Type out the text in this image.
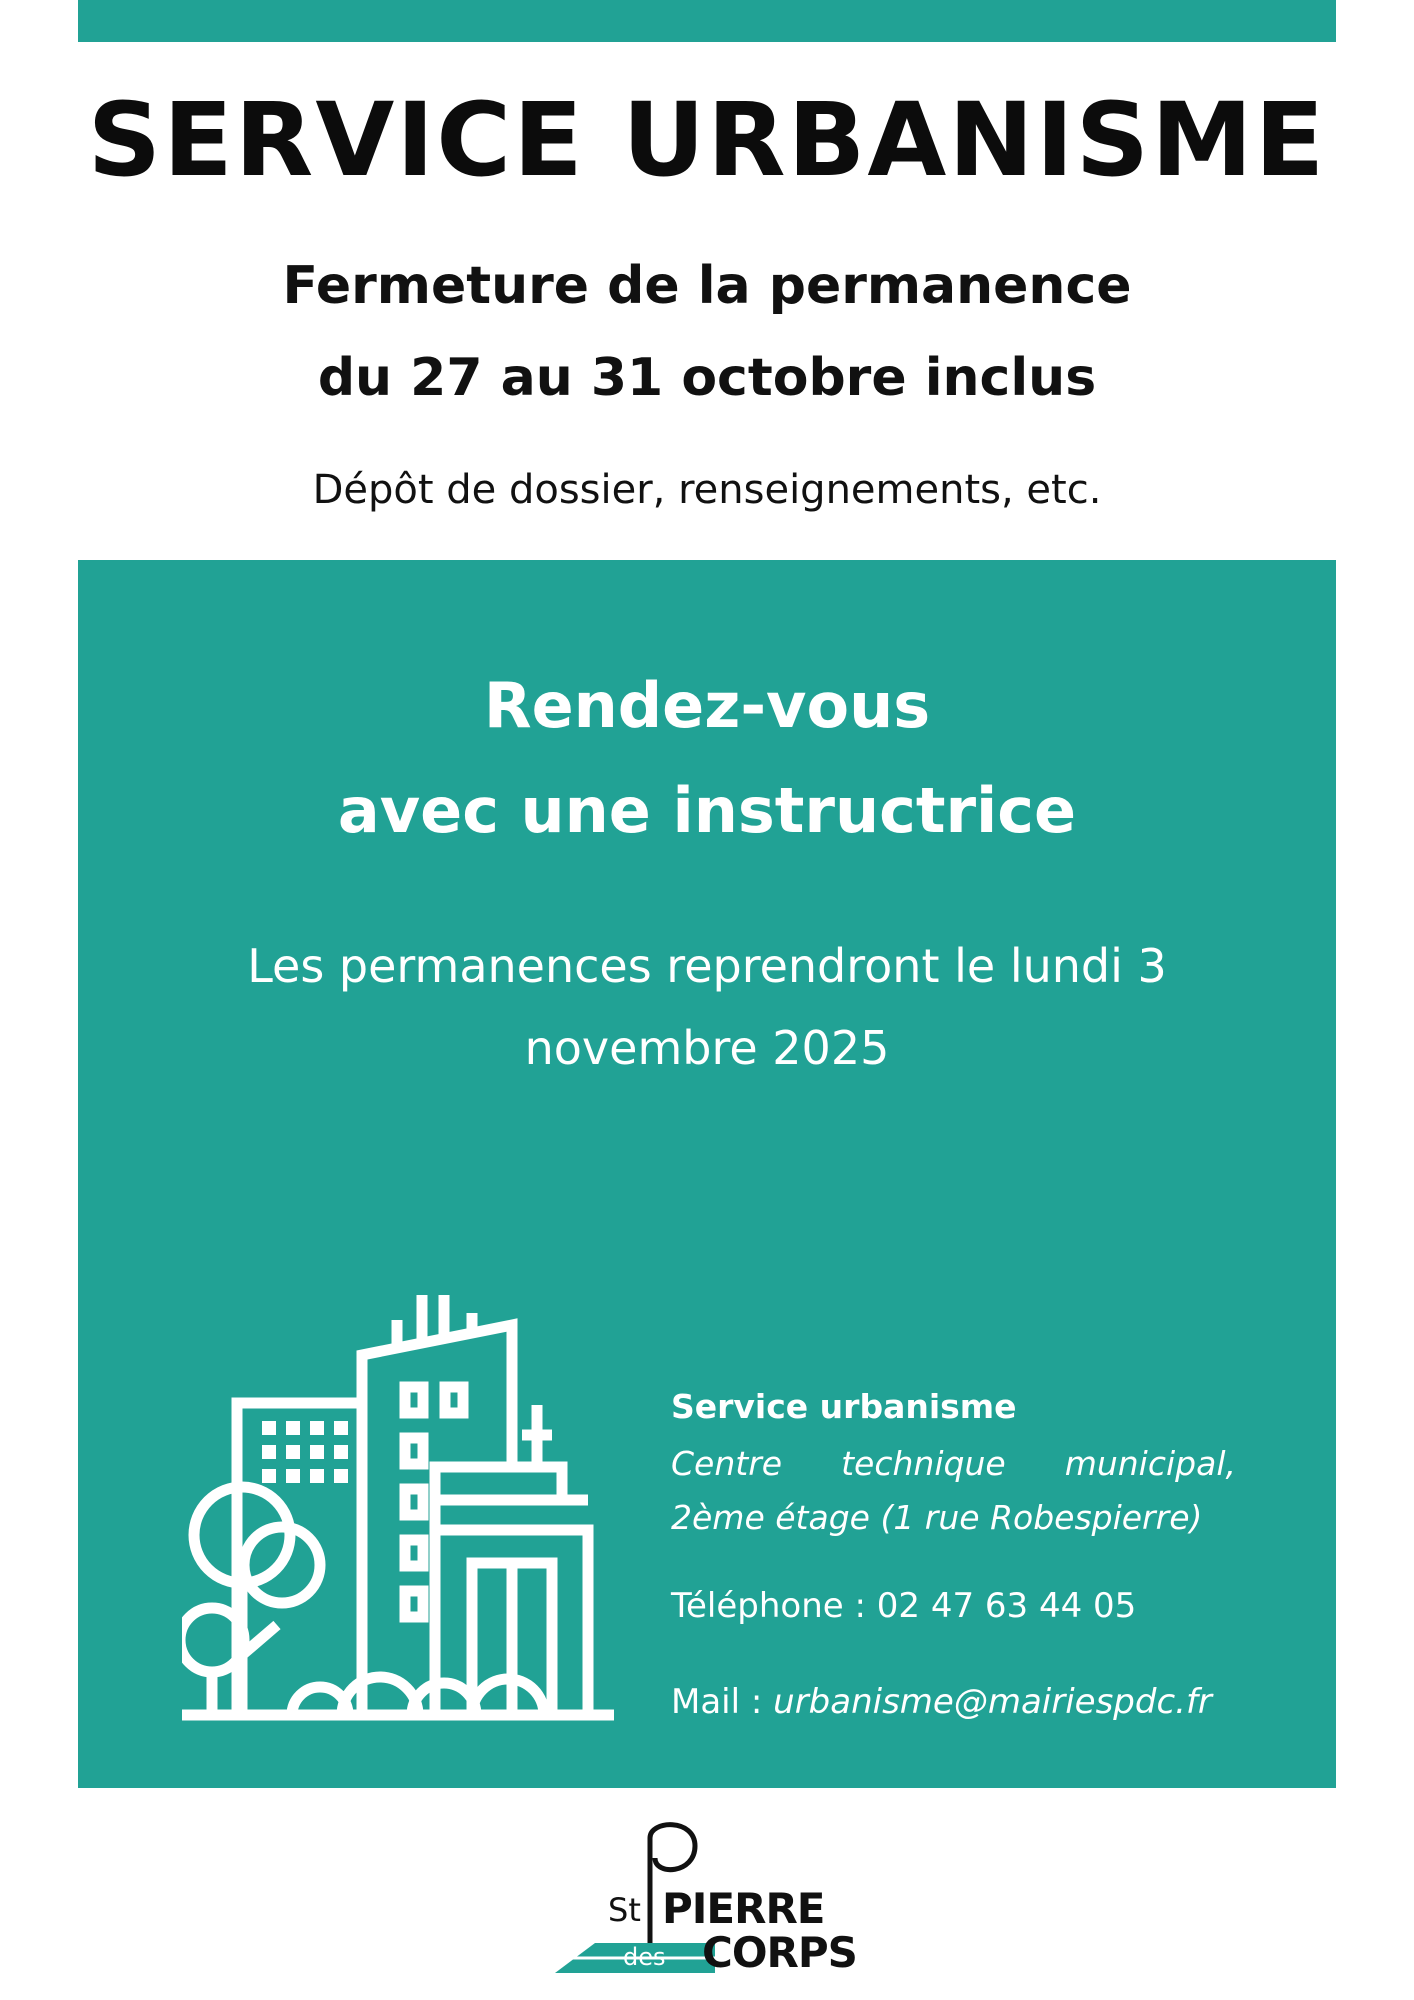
SERVICE URBANISME
Fermeture de la permanence
du 27 au 31 octobre inclus
Dépôt de dossier, renseignements, etc.
Rendez-vous
avec une instructrice
Les permanences reprendront le lundi 3
novembre 2025
Service urbanisme
Centre technique municipal,
2ème étage (1 rue Robespierre)
Téléphone : 02 47 63 44 05
Mail : urbanisme@mairiespdc.fr
St PIERRE
des CORPS
